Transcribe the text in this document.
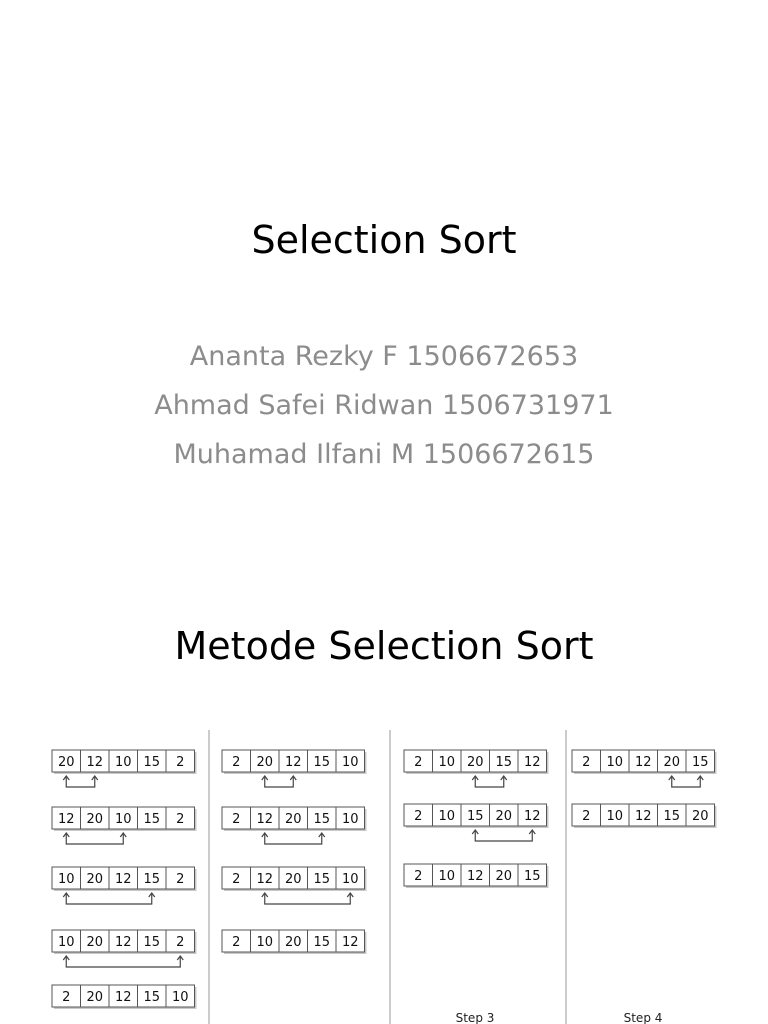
Selection Sort
Ananta Rezky F 1506672653
Ahmad Safei Ridwan 1506731971
Muhamad Ilfani M 1506672615
Metode Selection Sort
20 12 10 15 2
12 20 10 15 2
10 20 12 15 2
10 20 12 15 2
2 20 12 15 10
2 20 12 15 10
2 12 20 15 10
2 12 20 15 10
2 10 20 15 12
2 10 20 15 12
2 10 15 20 12
2 10 12 20 15
Step 3
2 10 12 20 15
2 10 12 15 20
Step 4
